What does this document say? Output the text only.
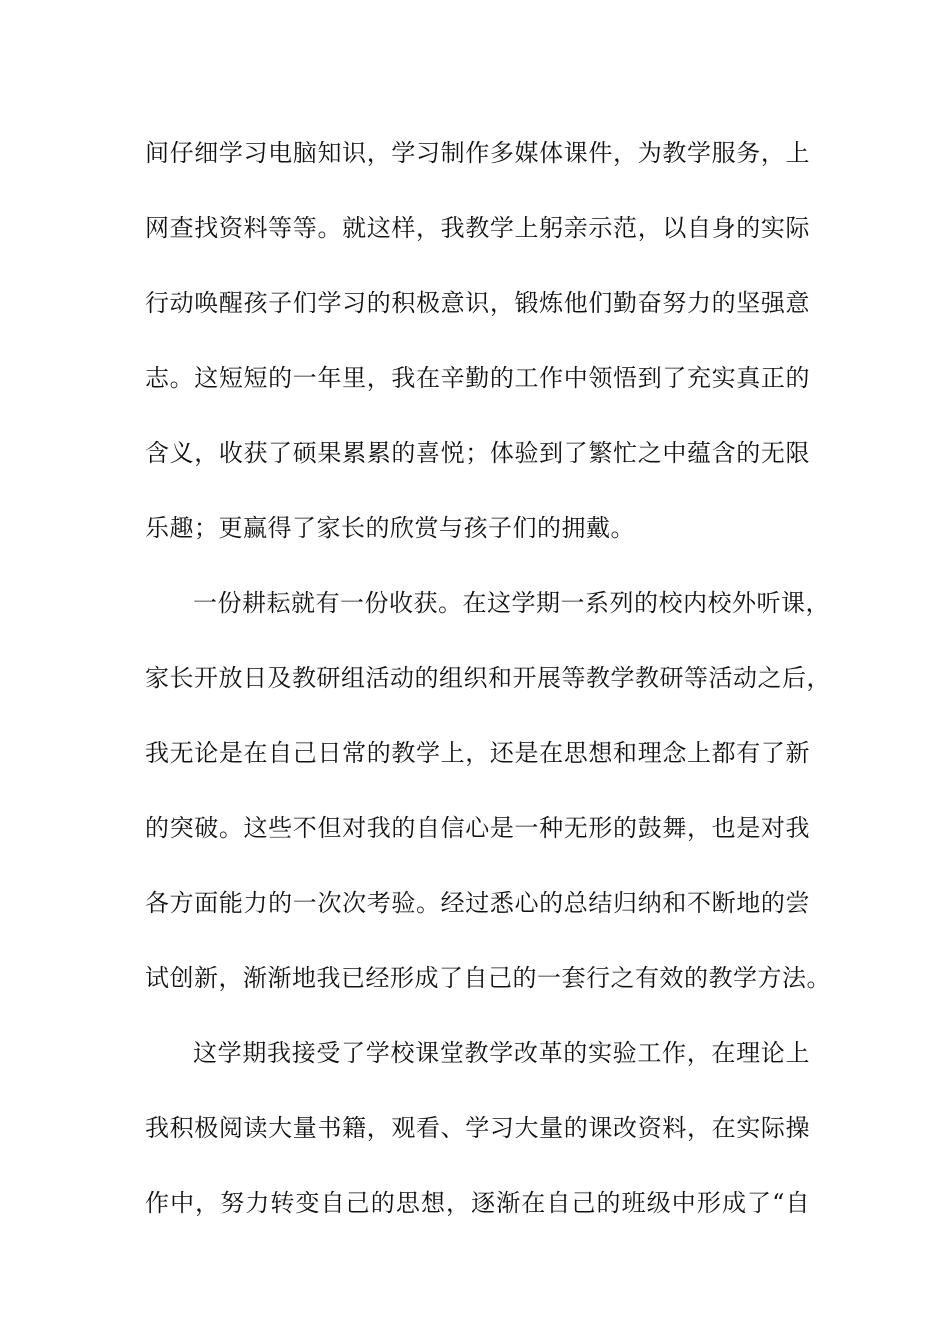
间仔细学习电脑知识，学习制作多媒体课件，为教学服务，上
网查找资料等等。就这样，我教学上躬亲示范，以自身的实际
行动唤醒孩子们学习的积极意识，锻炼他们勤奋努力的坚强意
志。这短短的一年里，我在辛勤的工作中领悟到了充实真正的
含义，收获了硕果累累的喜悦；体验到了繁忙之中蕴含的无限
乐趣；更赢得了家长的欣赏与孩子们的拥戴。
一份耕耘就有一份收获。在这学期一系列的校内校外听课，
家长开放日及教研组活动的组织和开展等教学教研等活动之后，
我无论是在自己日常的教学上，还是在思想和理念上都有了新
的突破。这些不但对我的自信心是一种无形的鼓舞，也是对我
各方面能力的一次次考验。经过悉心的总结归纳和不断地的尝
试创新，渐渐地我已经形成了自己的一套行之有效的教学方法。
这学期我接受了学校课堂教学改革的实验工作，在理论上
我积极阅读大量书籍，观看、学习大量的课改资料，在实际操
作中，努力转变自己的思想，逐渐在自己的班级中形成了“自
